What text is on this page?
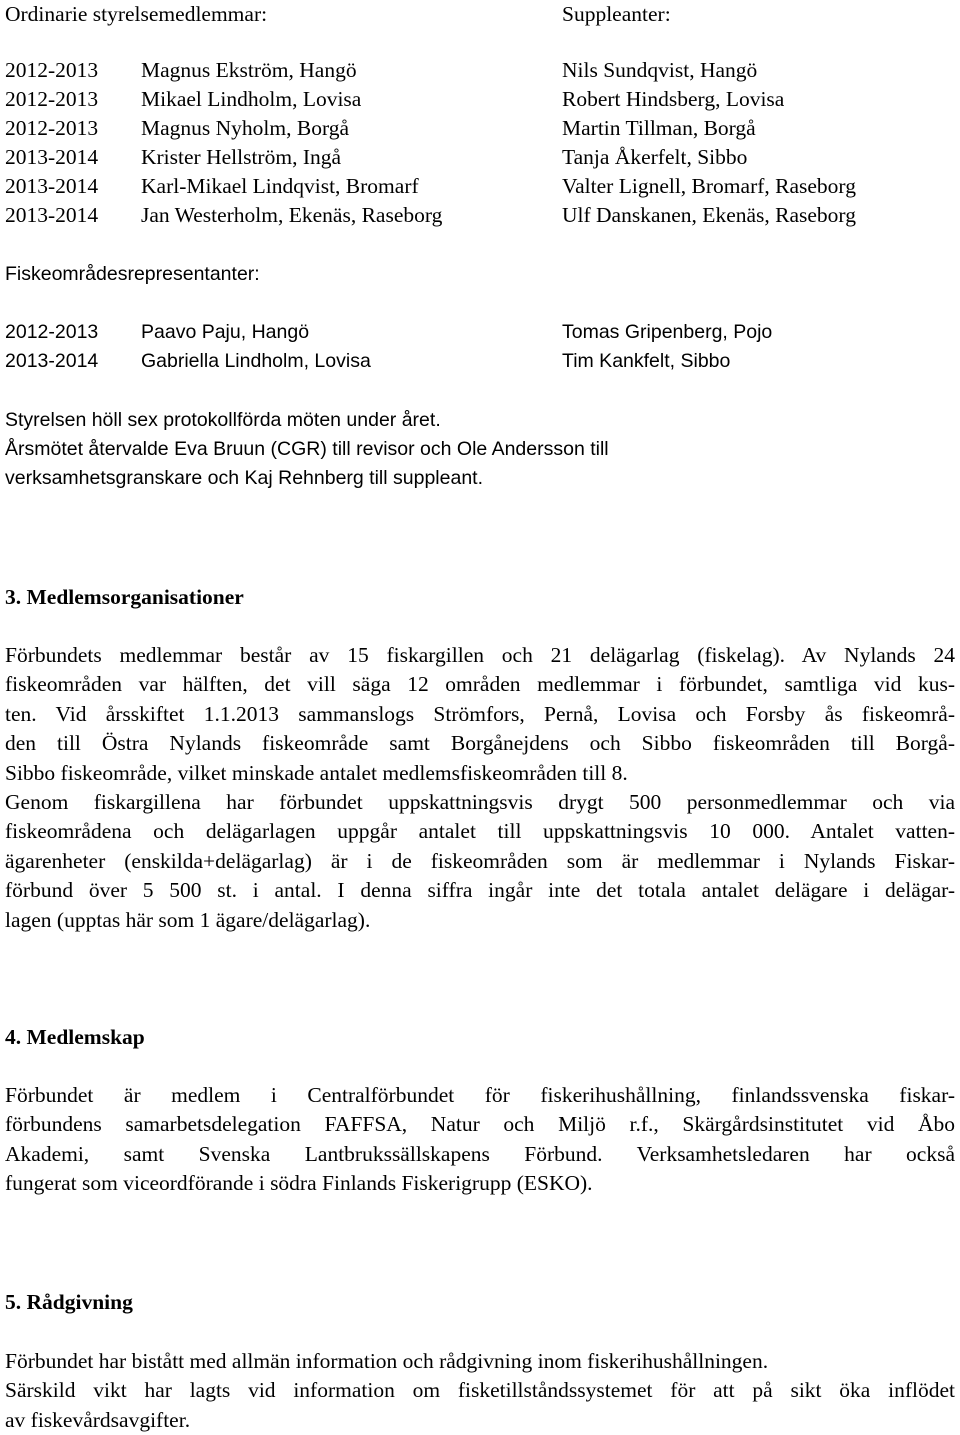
Ordinarie styrelsemedlemmar:	Suppleanter:
2012-2013 Magnus Ekström, Hangö	Nils Sundqvist, Hangö
2012-2013 Mikael Lindholm, Lovisa	Robert Hindsberg, Lovisa
2012-2013 Magnus Nyholm, Borgå	Martin Tillman, Borgå
2013-2014 Krister Hellström, Ingå	Tanja Åkerfelt, Sibbo
2013-2014 Karl-Mikael Lindqvist, Bromarf	Valter Lignell, Bromarf, Raseborg
2013-2014 Jan Westerholm, Ekenäs, Raseborg	Ulf Danskanen, Ekenäs, Raseborg
Fiskeområdesrepresentanter:
2012-2013 Paavo Paju, Hangö	Tomas Gripenberg, Pojo
2013-2014 Gabriella Lindholm, Lovisa	Tim Kankfelt, Sibbo
Styrelsen höll sex protokollförda möten under året.
Årsmötet återvalde Eva Bruun (CGR) till revisor och Ole Andersson till
verksamhetsgranskare och Kaj Rehnberg till suppleant.
3. Medlemsorganisationer
Förbundets medlemmar består av 15 fiskargillen och 21 delägarlag (fiskelag). Av Nylands 24
fiskeområden var hälften, det vill säga 12 områden medlemmar i förbundet, samtliga vid kus-
ten. Vid årsskiftet 1.1.2013 sammanslogs Strömfors, Pernå, Lovisa och Forsby ås fiskeområ-
den till Östra Nylands fiskeområde samt Borgånejdens och Sibbo fiskeområden till Borgå-
Sibbo fiskeområde, vilket minskade antalet medlemsfiskeområden till 8.
Genom fiskargillena har förbundet uppskattningsvis drygt 500 personmedlemmar och via
fiskeområdena och delägarlagen uppgår antalet till uppskattningsvis 10 000. Antalet vatten-
ägarenheter (enskilda+delägarlag) är i de fiskeområden som är medlemmar i Nylands Fiskar-
förbund över 5 500 st. i antal. I denna siffra ingår inte det totala antalet delägare i delägar-
lagen (upptas här som 1 ägare/delägarlag).
4. Medlemskap
Förbundet är medlem i Centralförbundet för fiskerihushållning, finlandssvenska fiskar-
förbundens samarbetsdelegation FAFFSA, Natur och Miljö r.f., Skärgårdsinstitutet vid Åbo
Akademi, samt Svenska Lantbrukssällskapens Förbund. Verksamhetsledaren har också
fungerat som viceordförande i södra Finlands Fiskerigrupp (ESKO).
5. Rådgivning
Förbundet har bistått med allmän information och rådgivning inom fiskerihushållningen.
Särskild vikt har lagts vid information om fisketillståndssystemet för att på sikt öka inflödet
av fiskevårdsavgifter.
